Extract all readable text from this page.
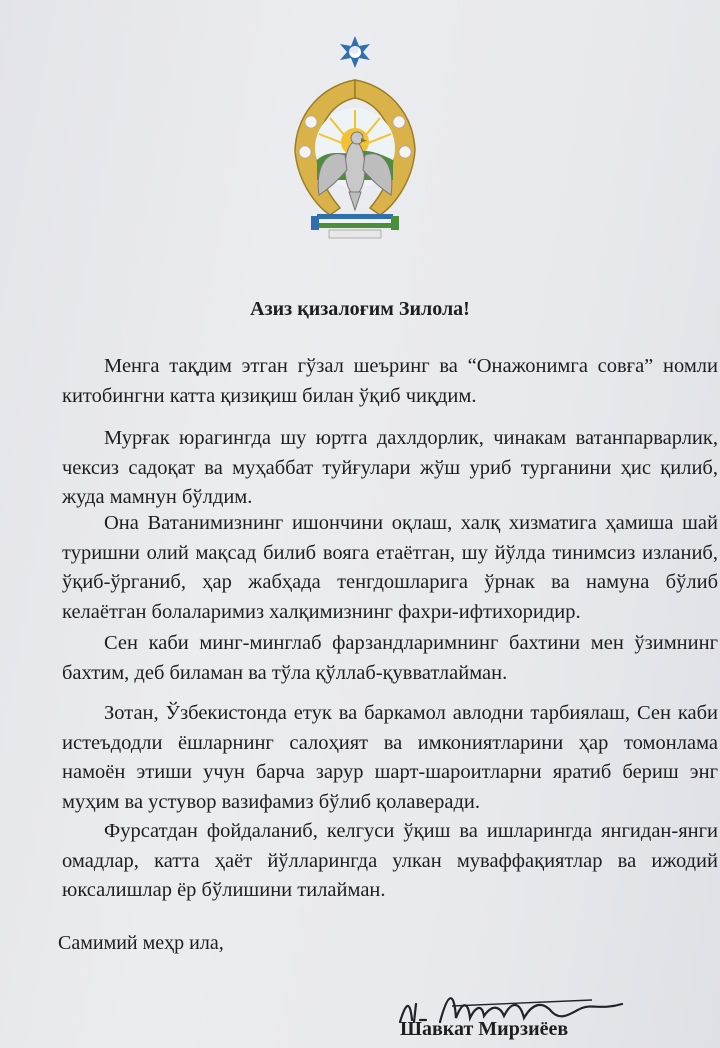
Азиз қизалоғим Зилола!

Менга тақдим этган гўзал шеъринг ва “Онажонимга совға” номли китобингни катта қизиқиш билан ўқиб чиқдим.

Мурғак юрагингда шу юртга дахлдорлик, чинакам ватанпарварлик, чексиз садоқат ва муҳаббат туйғулари жўш уриб турганини ҳис қилиб, жуда мамнун бўлдим.

Она Ватанимизнинг ишончини оқлаш, халқ хизматига ҳамиша шай туришни олий мақсад билиб вояга етаётган, шу йўлда тинимсиз изланиб, ўқиб-ўрганиб, ҳар жабҳада тенгдошларига ўрнак ва намуна бўлиб келаётган болаларимиз халқимизнинг фахри-ифтихоридир.

Сен каби минг-минглаб фарзандларимнинг бахтини мен ўзимнинг бахтим, деб биламан ва тўла қўллаб-қувватлайман.

Зотан, Ўзбекистонда етук ва баркамол авлодни тарбиялаш, Сен каби истеъдодли ёшларнинг салоҳият ва имкониятларини ҳар томонлама намоён этиши учун барча зарур шарт-шароитларни яратиб бериш энг муҳим ва устувор вазифамиз бўлиб қолаверади.

Фурсатдан фойдаланиб, келгуси ўқиш ва ишларингда янгидан-янги омадлар, катта ҳаёт йўлларингда улкан муваффақиятлар ва ижодий юксалишлар ёр бўлишини тилайман.

Самимий меҳр ила,
Шавкат Мирзиёев
